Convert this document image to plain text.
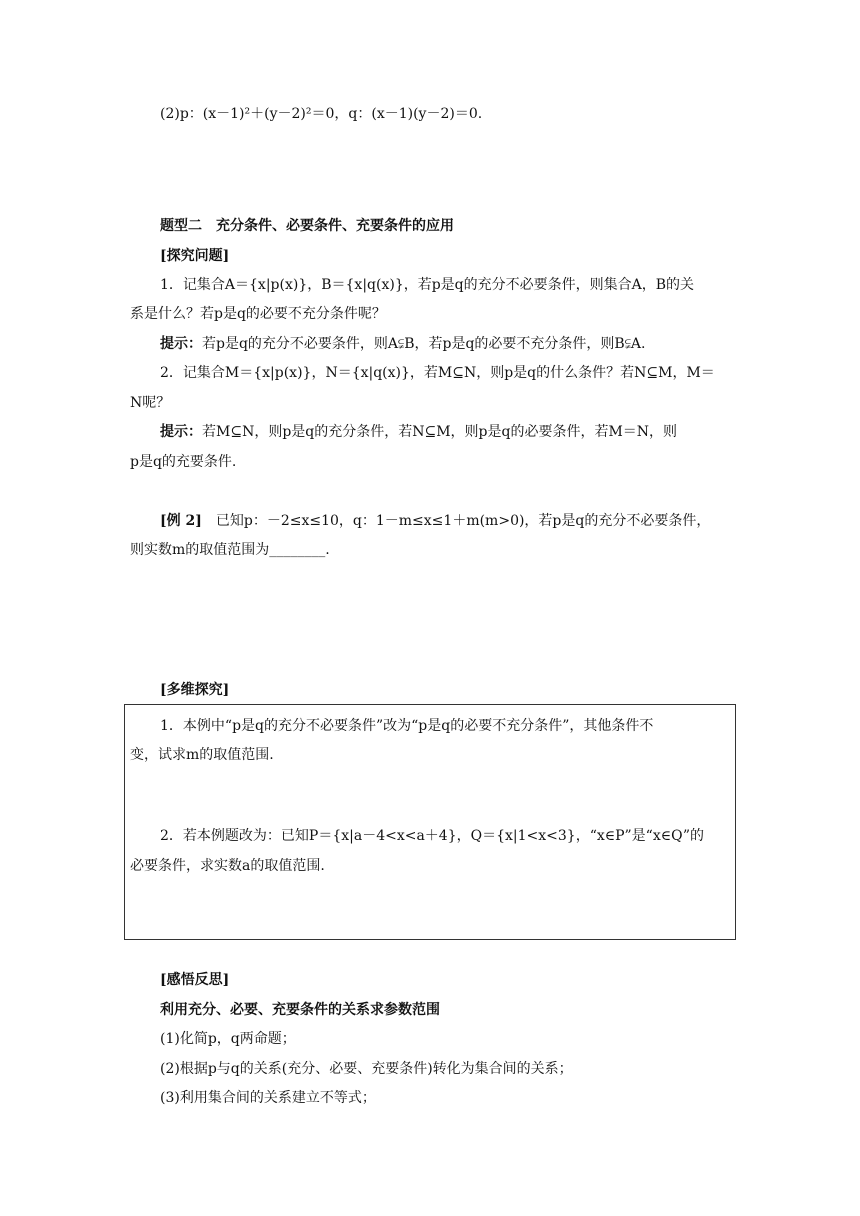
(2)p：(x－1)²＋(y－2)²＝0，q：(x－1)(y－2)＝0.
题型二　充分条件、必要条件、充要条件的应用
[探究问题]
1．记集合A＝{x|p(x)}，B＝{x|q(x)}，若p是q的充分不必要条件，则集合A，B的关
系是什么？若p是q的必要不充分条件呢？
提示：若p是q的充分不必要条件，则A⫋B，若p是q的必要不充分条件，则B⫋A.
2．记集合M＝{x|p(x)}，N＝{x|q(x)}，若M⊆N，则p是q的什么条件？若N⊆M，M＝
N呢？
提示：若M⊆N，则p是q的充分条件，若N⊆M，则p是q的必要条件，若M＝N，则
p是q的充要条件.
[例 2]　已知p：－2≤x≤10，q：1－m≤x≤1＋m(m>0)，若p是q的充分不必要条件，
则实数m的取值范围为________.
[多维探究]
1．本例中“p是q的充分不必要条件”改为“p是q的必要不充分条件”，其他条件不
变，试求m的取值范围.
2．若本例题改为：已知P＝{x|a－4<x<a＋4}，Q＝{x|1<x<3}，“x∈P”是“x∈Q”的
必要条件，求实数a的取值范围.
[感悟反思]
利用充分、必要、充要条件的关系求参数范围
(1)化简p，q两命题；
(2)根据p与q的关系(充分、必要、充要条件)转化为集合间的关系；
(3)利用集合间的关系建立不等式；
